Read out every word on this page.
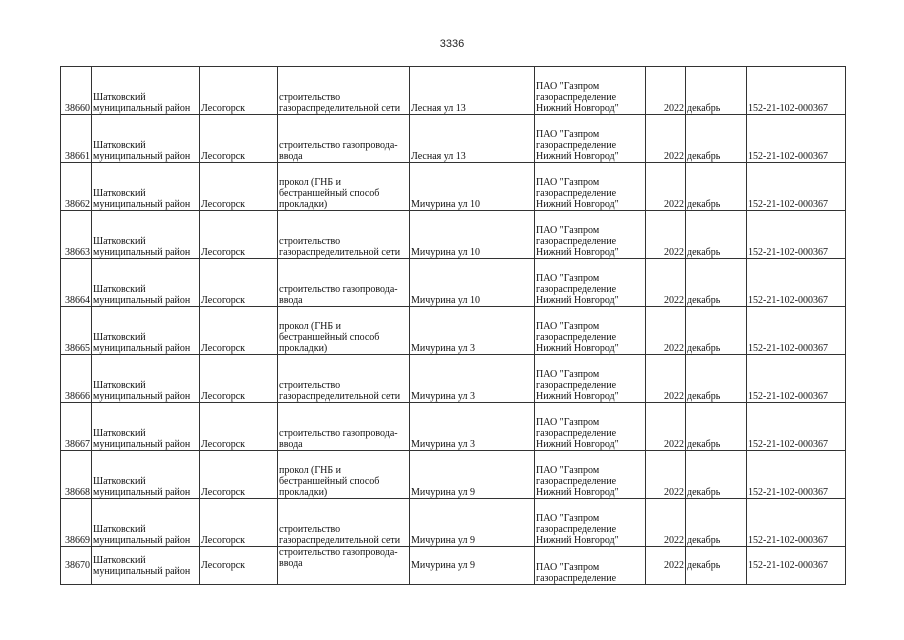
3336
38660	Шатковский муниципальный район	Лесогорск	строительство газораспределительной сети	Лесная ул 13	ПАО "Газпром газораспределение Нижний Новгород"	2022	декабрь	152-21-102-000367
38661	Шатковский муниципальный район	Лесогорск	строительство газопровода-ввода	Лесная ул 13	ПАО "Газпром газораспределение Нижний Новгород"	2022	декабрь	152-21-102-000367
38662	Шатковский муниципальный район	Лесогорск	прокол (ГНБ и бестраншейный способ прокладки)	Мичурина ул 10	ПАО "Газпром газораспределение Нижний Новгород"	2022	декабрь	152-21-102-000367
38663	Шатковский муниципальный район	Лесогорск	строительство газораспределительной сети	Мичурина ул 10	ПАО "Газпром газораспределение Нижний Новгород"	2022	декабрь	152-21-102-000367
38664	Шатковский муниципальный район	Лесогорск	строительство газопровода-ввода	Мичурина ул 10	ПАО "Газпром газораспределение Нижний Новгород"	2022	декабрь	152-21-102-000367
38665	Шатковский муниципальный район	Лесогорск	прокол (ГНБ и бестраншейный способ прокладки)	Мичурина ул 3	ПАО "Газпром газораспределение Нижний Новгород"	2022	декабрь	152-21-102-000367
38666	Шатковский муниципальный район	Лесогорск	строительство газораспределительной сети	Мичурина ул 3	ПАО "Газпром газораспределение Нижний Новгород"	2022	декабрь	152-21-102-000367
38667	Шатковский муниципальный район	Лесогорск	строительство газопровода-ввода	Мичурина ул 3	ПАО "Газпром газораспределение Нижний Новгород"	2022	декабрь	152-21-102-000367
38668	Шатковский муниципальный район	Лесогорск	прокол (ГНБ и бестраншейный способ прокладки)	Мичурина ул 9	ПАО "Газпром газораспределение Нижний Новгород"	2022	декабрь	152-21-102-000367
38669	Шатковский муниципальный район	Лесогорск	строительство газораспределительной сети	Мичурина ул 9	ПАО "Газпром газораспределение Нижний Новгород"	2022	декабрь	152-21-102-000367
38670	Шатковский муниципальный район	Лесогорск	строительство газопровода-ввода	Мичурина ул 9	ПАО "Газпром газораспределение	2022	декабрь	152-21-102-000367
